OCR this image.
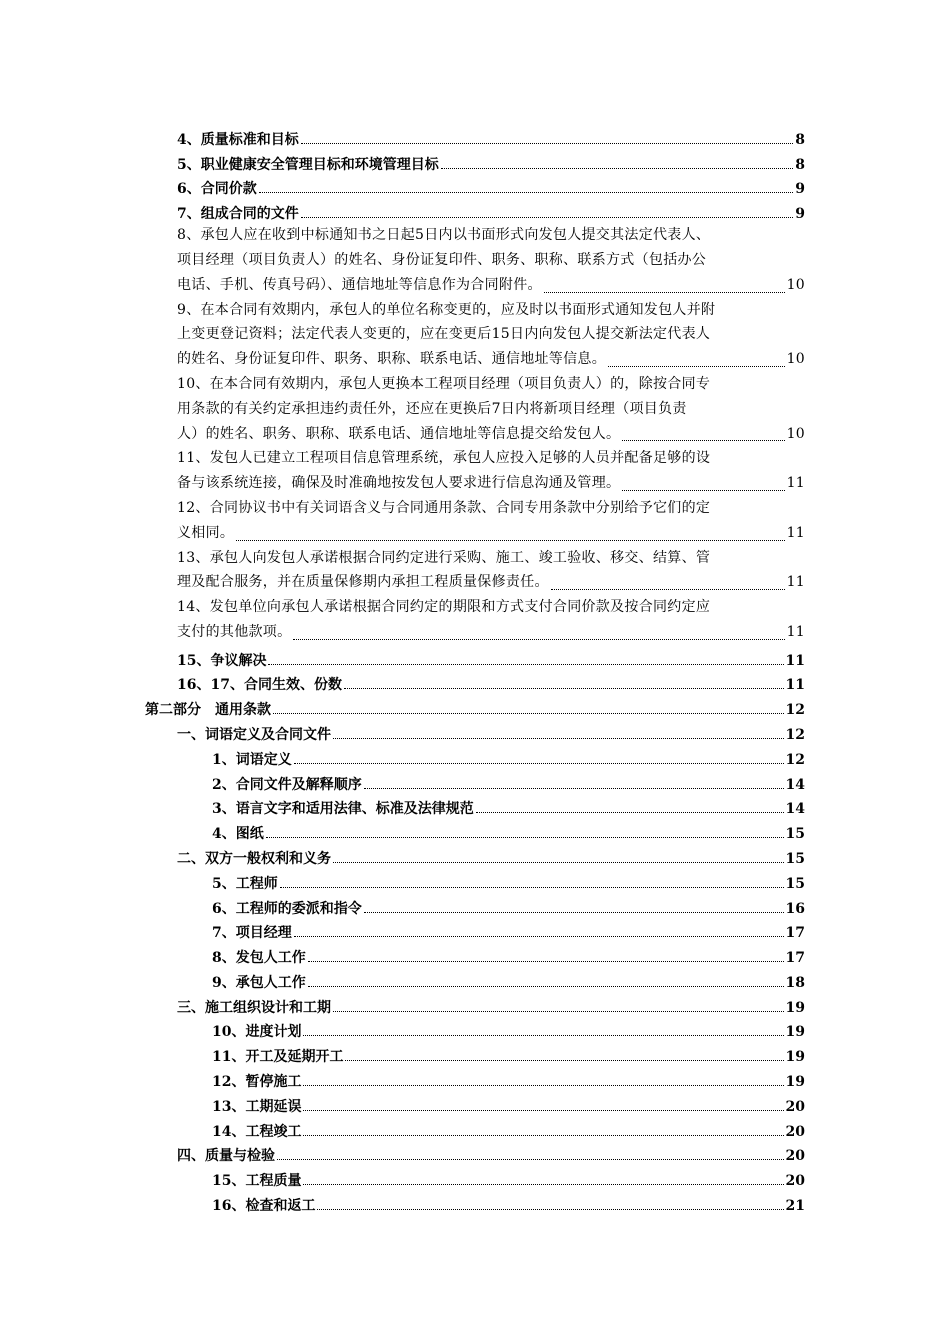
4、质量标准和目标	8
5、职业健康安全管理目标和环境管理目标	8
6、合同价款	9
7、组成合同的文件	9
8、承包人应在收到中标通知书之日起5日内以书面形式向发包人提交其法定代表人、
项目经理（项目负责人）的姓名、身份证复印件、职务、职称、联系方式（包括办公
电话、手机、传真号码）、通信地址等信息作为合同附件。	10
9、在本合同有效期内，承包人的单位名称变更的，应及时以书面形式通知发包人并附
上变更登记资料；法定代表人变更的，应在变更后15日内向发包人提交新法定代表人
的姓名、身份证复印件、职务、职称、联系电话、通信地址等信息。	10
10、在本合同有效期内，承包人更换本工程项目经理（项目负责人）的，除按合同专
用条款的有关约定承担违约责任外，还应在更换后7日内将新项目经理（项目负责
人）的姓名、职务、职称、联系电话、通信地址等信息提交给发包人。	10
11、发包人已建立工程项目信息管理系统，承包人应投入足够的人员并配备足够的设
备与该系统连接，确保及时准确地按发包人要求进行信息沟通及管理。	11
12、合同协议书中有关词语含义与合同通用条款、合同专用条款中分别给予它们的定
义相同。	11
13、承包人向发包人承诺根据合同约定进行采购、施工、竣工验收、移交、结算、管
理及配合服务，并在质量保修期内承担工程质量保修责任。	11
14、发包单位向承包人承诺根据合同约定的期限和方式支付合同价款及按合同约定应
支付的其他款项。	11
15、争议解决	11
16、17、合同生效、份数	11
第二部分　通用条款	12
一、词语定义及合同文件	12
1、词语定义	12
2、合同文件及解释顺序	14
3、语言文字和适用法律、标准及法律规范	14
4、图纸	15
二、双方一般权利和义务	15
5、工程师	15
6、工程师的委派和指令	16
7、项目经理	17
8、发包人工作	17
9、承包人工作	18
三、施工组织设计和工期	19
10、进度计划	19
11、开工及延期开工	19
12、暂停施工	19
13、工期延误	20
14、工程竣工	20
四、质量与检验	20
15、工程质量	20
16、检查和返工	21
